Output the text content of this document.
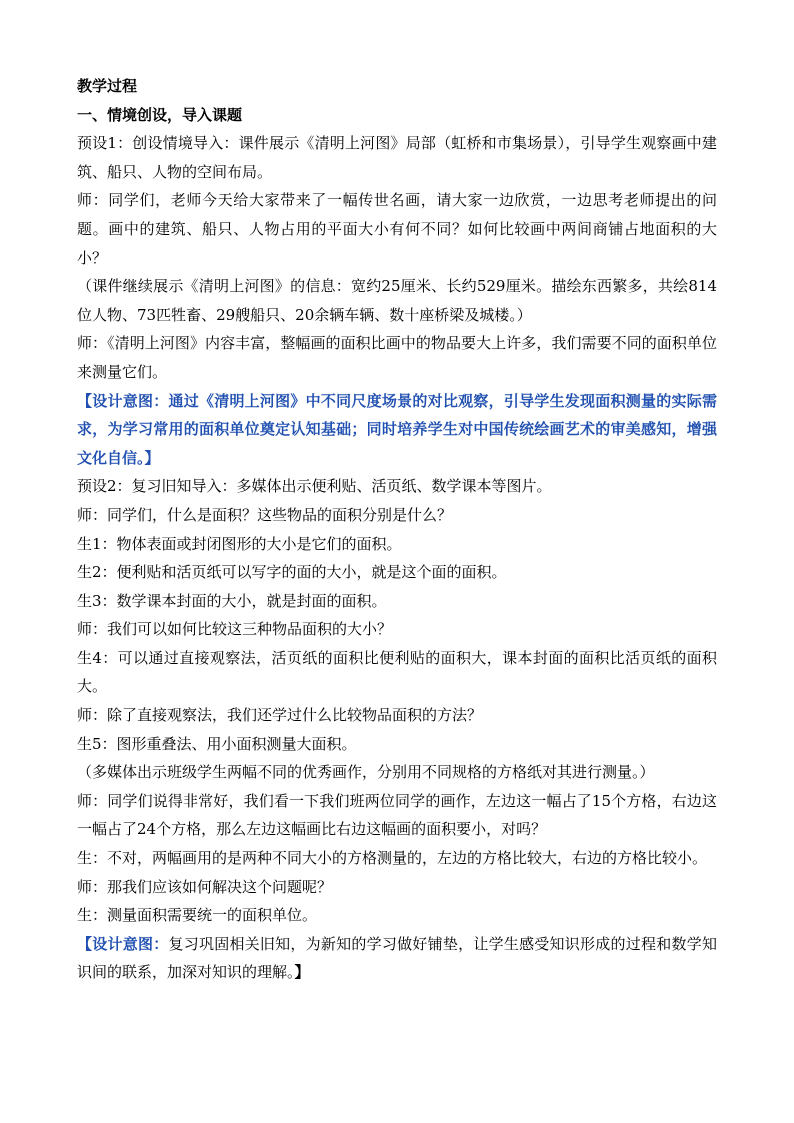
教学过程

一、情境创设，导入课题

预设1：创设情境导入：课件展示《清明上河图》局部（虹桥和市集场景），引导学生观察画中建筑、船只、人物的空间布局。

师：同学们，老师今天给大家带来了一幅传世名画，请大家一边欣赏，一边思考老师提出的问题。画中的建筑、船只、人物占用的平面大小有何不同？如何比较画中两间商铺占地面积的大小？

（课件继续展示《清明上河图》的信息：宽约25厘米、长约529厘米。描绘东西繁多，共绘814位人物、73匹牲畜、29艘船只、20余辆车辆、数十座桥梁及城楼。）

师：《清明上河图》内容丰富，整幅画的面积比画中的物品要大上许多，我们需要不同的面积单位来测量它们。

【设计意图：通过《清明上河图》中不同尺度场景的对比观察，引导学生发现面积测量的实际需求，为学习常用的面积单位奠定认知基础；同时培养学生对中国传统绘画艺术的审美感知，增强文化自信。】

预设2：复习旧知导入：多媒体出示便利贴、活页纸、数学课本等图片。

师：同学们，什么是面积？这些物品的面积分别是什么？

生1：物体表面或封闭图形的大小是它们的面积。

生2：便利贴和活页纸可以写字的面的大小，就是这个面的面积。

生3：数学课本封面的大小，就是封面的面积。

师：我们可以如何比较这三种物品面积的大小？

生4：可以通过直接观察法，活页纸的面积比便利贴的面积大，课本封面的面积比活页纸的面积大。

师：除了直接观察法，我们还学过什么比较物品面积的方法？

生5：图形重叠法、用小面积测量大面积。

（多媒体出示班级学生两幅不同的优秀画作，分别用不同规格的方格纸对其进行测量。）

师：同学们说得非常好，我们看一下我们班两位同学的画作，左边这一幅占了15个方格，右边这一幅占了24个方格，那么左边这幅画比右边这幅画的面积要小，对吗？

生：不对，两幅画用的是两种不同大小的方格测量的，左边的方格比较大，右边的方格比较小。

师：那我们应该如何解决这个问题呢？

生：测量面积需要统一的面积单位。

【设计意图：复习巩固相关旧知，为新知的学习做好铺垫，让学生感受知识形成的过程和数学知识间的联系，加深对知识的理解。】
